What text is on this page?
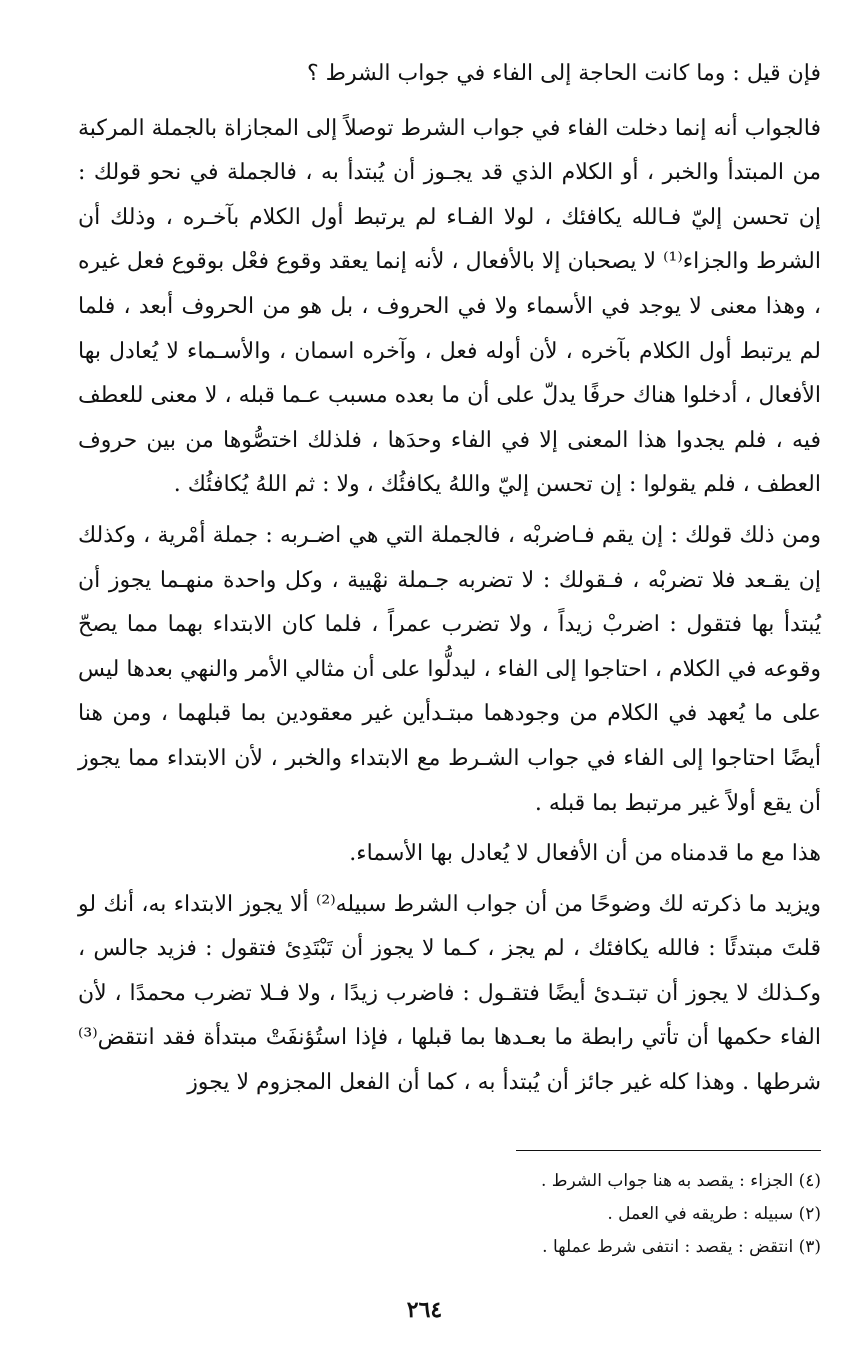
فإن قيل : وما كانت الحاجة إلى الفاء في جواب الشرط ؟

فالجواب أنه إنما دخلت الفاء في جواب الشرط توصلاً إلى المجازاة بالجملة المركبة من المبتدأ والخبر ، أو الكلام الذي قد يجـوز أن يُبتدأ به ، فالجملة في نحو قولك : إن تحسن إليّ فـالله يكافئك ، لولا الفـاء لم يرتبط أول الكلام بآخـره ، وذلك أن الشرط والجزاء⁽¹⁾ لا يصحبان إلا بالأفعال ، لأنه إنما يعقد وقوع فعْل بوقوع فعل غيره ، وهذا معنى لا يوجد في الأسماء ولا في الحروف ، بل هو من الحروف أبعد ، فلما لم يرتبط أول الكلام بآخره ، لأن أوله فعل ، وآخره اسمان ، والأسـماء لا يُعادل بها الأفعال ، أدخلوا هناك حرفًا يدلّ على أن ما بعده مسبب عـما قبله ، لا معنى للعطف فيه ، فلم يجدوا هذا المعنى إلا في الفاء وحدَها ، فلذلك اختصُّوها من بين حروف العطف ، فلم يقولوا : إن تحسن إليّ واللهُ يكافئُك ، ولا : ثم اللهُ يُكافئُك .

ومن ذلك قولك : إن يقم فـاضربْه ، فالجملة التي هي اضـربه : جملة أمْرية ، وكذلك إن يقـعد فلا تضربْه ، فـقولك : لا تضربه جـملة نهْيية ، وكل واحدة منهـما يجوز أن يُبتدأ بها فتقول : اضربْ زيداً ، ولا تضرب عمراً ، فلما كان الابتداء بهما مما يصحّ وقوعه في الكلام ، احتاجوا إلى الفاء ، ليدلُّوا على أن مثالي الأمر والنهي بعدها ليس على ما يُعهد في الكلام من وجودهما مبتـدأين غير معقودين بما قبلهما ، ومن هنا أيضًا احتاجوا إلى الفاء في جواب الشـرط مع الابتداء والخبر ، لأن الابتداء مما يجوز أن يقع أولاً غير مرتبط بما قبله .

هذا مع ما قدمناه من أن الأفعال لا يُعادل بها الأسماء.

ويزيد ما ذكرته لك وضوحًا من أن جواب الشرط سبيله⁽²⁾ ألا يجوز الابتداء به، أنك لو قلتَ مبتدئًا : فالله يكافئك ، لم يجز ، كـما لا يجوز أن تَبْتَدِئ فتقول : فزيد جالس ، وكـذلك لا يجوز أن تبتـدئ أيضًا فتقـول : فاضرب زيدًا ، ولا فـلا تضرب محمدًا ، لأن الفاء حكمها أن تأتي رابطة ما بعـدها بما قبلها ، فإذا استُؤنفَتْ مبتدأة فقد انتقض⁽³⁾ شرطها . وهذا كله غير جائز أن يُبتدأ به ، كما أن الفعل المجزوم لا يجوز

(٤) الجزاء : يقصد به هنا جواب الشرط .

(٢) سبيله : طريقه في العمل .

(٣) انتقض : يقصد : انتفى شرط عملها .

٢٦٤
